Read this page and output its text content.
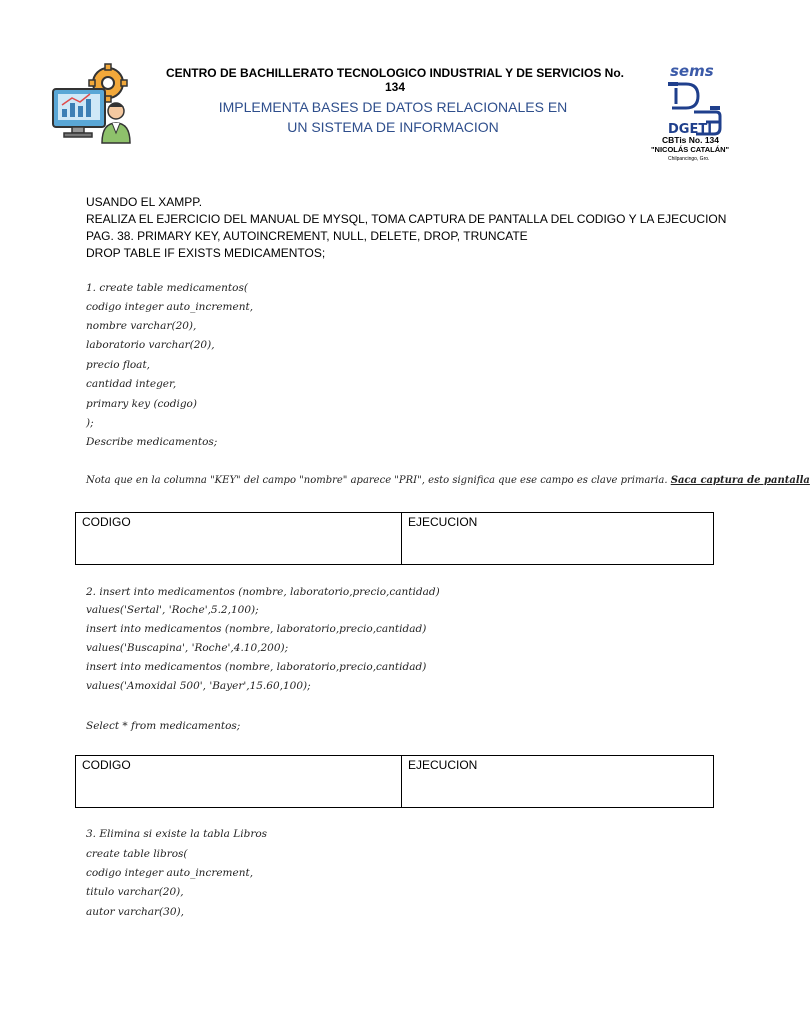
CENTRO DE BACHILLERATO TECNOLOGICO INDUSTRIAL Y DE SERVICIOS No. 134
IMPLEMENTA BASES DE DATOS RELACIONALES EN
UN SISTEMA DE INFORMACION
sems
DGETI
CBTis No. 134
"NICOLÁS CATALÁN"
Chilpancingo, Gro.
USANDO EL XAMPP.
REALIZA EL EJERCICIO DEL MANUAL DE MYSQL, TOMA CAPTURA DE PANTALLA DEL CODIGO Y LA EJECUCION
PAG. 38. PRIMARY KEY, AUTOINCREMENT, NULL, DELETE, DROP, TRUNCATE
DROP TABLE IF EXISTS MEDICAMENTOS;
1. create table medicamentos(
codigo integer auto_increment,
nombre varchar(20),
laboratorio varchar(20),
precio float,
cantidad integer,
primary key (codigo)
);
Describe medicamentos;
Nota que en la columna "KEY" del campo "nombre" aparece "PRI", esto significa que ese campo es clave primaria. Saca captura de pantalla
CODIGO	EJECUCION
2. insert into medicamentos (nombre, laboratorio,precio,cantidad)
values('Sertal', 'Roche',5.2,100);
insert into medicamentos (nombre, laboratorio,precio,cantidad)
values('Buscapina', 'Roche',4.10,200);
insert into medicamentos (nombre, laboratorio,precio,cantidad)
values('Amoxidal 500', 'Bayer',15.60,100);
Select * from medicamentos;
CODIGO	EJECUCION
3. Elimina si existe la tabla Libros
create table libros(
codigo integer auto_increment,
titulo varchar(20),
autor varchar(30),
